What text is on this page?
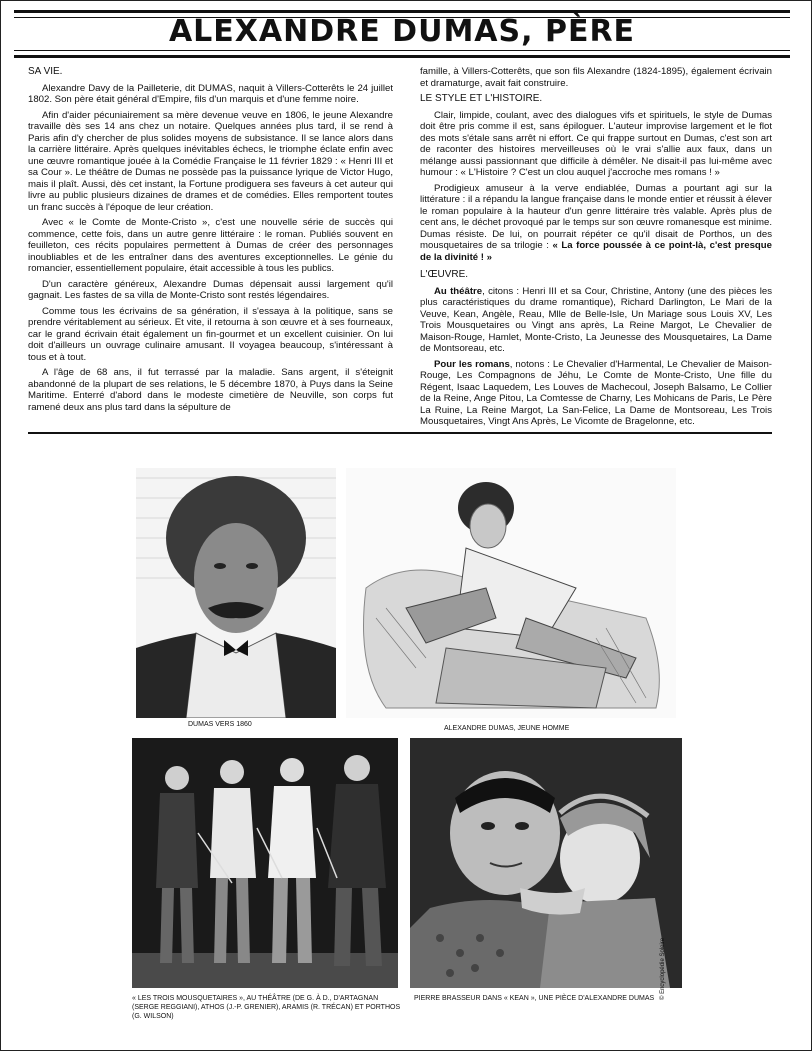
ALEXANDRE DUMAS, PÈRE
SA VIE.

Alexandre Davy de la Pailleterie, dit DUMAS, naquit à Villers-Cotterêts le 24 juillet 1802. Son père était général d'Empire, fils d'un marquis et d'une femme noire.

Afin d'aider pécuniairement sa mère devenue veuve en 1806, le jeune Alexandre travaille dès ses 14 ans chez un notaire. Quelques années plus tard, il se rend à Paris afin d'y chercher de plus solides moyens de subsistance. Il se lance alors dans la carrière littéraire. Après quelques inévitables échecs, le triomphe éclate enfin avec une œuvre romantique jouée à la Comédie Française le 11 février 1829 : « Henri III et sa Cour ». Le théâtre de Dumas ne possède pas la puissance lyrique de Victor Hugo, mais il plaît. Aussi, dès cet instant, la Fortune prodiguera ses faveurs à cet auteur qui livre au public plusieurs dizaines de drames et de comédies. Elles remportent toutes un franc succès à l'époque de leur création.

Avec « le Comte de Monte-Cristo », c'est une nouvelle série de succès qui commence, cette fois, dans un autre genre littéraire : le roman. Publiés souvent en feuilleton, ces récits populaires permettent à Dumas de créer des personnages inoubliables et de les entraîner dans des aventures exceptionnelles. Le génie du romancier, essentiellement populaire, était accessible à tous les publics.

D'un caractère généreux, Alexandre Dumas dépensait aussi largement qu'il gagnait. Les fastes de sa villa de Monte-Cristo sont restés légendaires.

Comme tous les écrivains de sa génération, il s'essaya à la politique, sans se prendre véritablement au sérieux. Et vite, il retourna à son œuvre et à ses fourneaux, car le grand écrivain était également un fin-gourmet et un excellent cuisinier. On lui doit d'ailleurs un ouvrage culinaire amusant. Il voyagea beaucoup, s'intéressant à tous et à tout.

A l'âge de 68 ans, il fut terrassé par la maladie. Sans argent, il s'éteignit abandonné de la plupart de ses relations, le 5 décembre 1870, à Puys dans la Seine Maritime. Enterré d'abord dans le modeste cimetière de Neuville, son corps fut ramené deux ans plus tard dans la sépulture de

famille, à Villers-Cotterêts, que son fils Alexandre (1824-1895), également écrivain et dramaturge, avait fait construire.

LE STYLE ET L'HISTOIRE.

Clair, limpide, coulant, avec des dialogues vifs et spirituels, le style de Dumas doit être pris comme il est, sans épiloguer. L'auteur improvise largement et le flot des mots s'étale sans arrêt ni effort. Ce qui frappe surtout en Dumas, c'est son art de raconter des histoires merveilleuses où le vrai s'allie aux faux, dans un mélange aussi passionnant que difficile à démêler. Ne disait-il pas lui-même avec humour : « L'Histoire ? C'est un clou auquel j'accroche mes romans ! »

Prodigieux amuseur à la verve endiablée, Dumas a pourtant agi sur la littérature : il a répandu la langue française dans le monde entier et réussit à élever le roman populaire à la hauteur d'un genre littéraire très valable. Après plus de cent ans, le déchet provoqué par le temps sur son œuvre romanesque est minime. Dumas résiste. De lui, on pourrait répéter ce qu'il disait de Porthos, un des mousquetaires de sa trilogie : « La force poussée à ce point-là, c'est presque de la divinité ! »

L'ŒUVRE.

Au théâtre, citons : Henri III et sa Cour, Christine, Antony (une des pièces les plus caractéristiques du drame romantique), Richard Darlington, Le Mari de la Veuve, Kean, Angèle, Reau, Mlle de Belle-Isle, Un Mariage sous Louis XV, Les Trois Mousquetaires ou Vingt ans après, La Reine Margot, Le Chevalier de Maison-Rouge, Hamlet, Monte-Cristo, La Jeunesse des Mousquetaires, La Dame de Montsoreau, etc.

Pour les romans, notons : Le Chevalier d'Harmental, Le Chevalier de Maison-Rouge, Les Compagnons de Jéhu, Le Comte de Monte-Cristo, Une fille du Régent, Isaac Laquedem, Les Louves de Machecoul, Joseph Balsamo, Le Collier de la Reine, Ange Pitou, La Comtesse de Charny, Les Mohicans de Paris, Le Père La Ruine, La Reine Margot, La San-Felice, La Dame de Montsoreau, Les Trois Mousquetaires, Vingt Ans Après, Le Vicomte de Bragelonne, etc.

DUMAS VERS 1860
ALEXANDRE DUMAS, JEUNE HOMME
« LES TROIS MOUSQUETAIRES », AU THÉÂTRE (DE G. À D., D'ARTAGNAN (SERGE REGGIANI), ATHOS (J.-P. GRENIER), ARAMIS (R. TRÉCAN) ET PORTHOS (G. WILSON)
PIERRE BRASSEUR DANS « KEAN », UNE PIÈCE D'ALEXANDRE DUMAS © Encyclopédie Soleire
